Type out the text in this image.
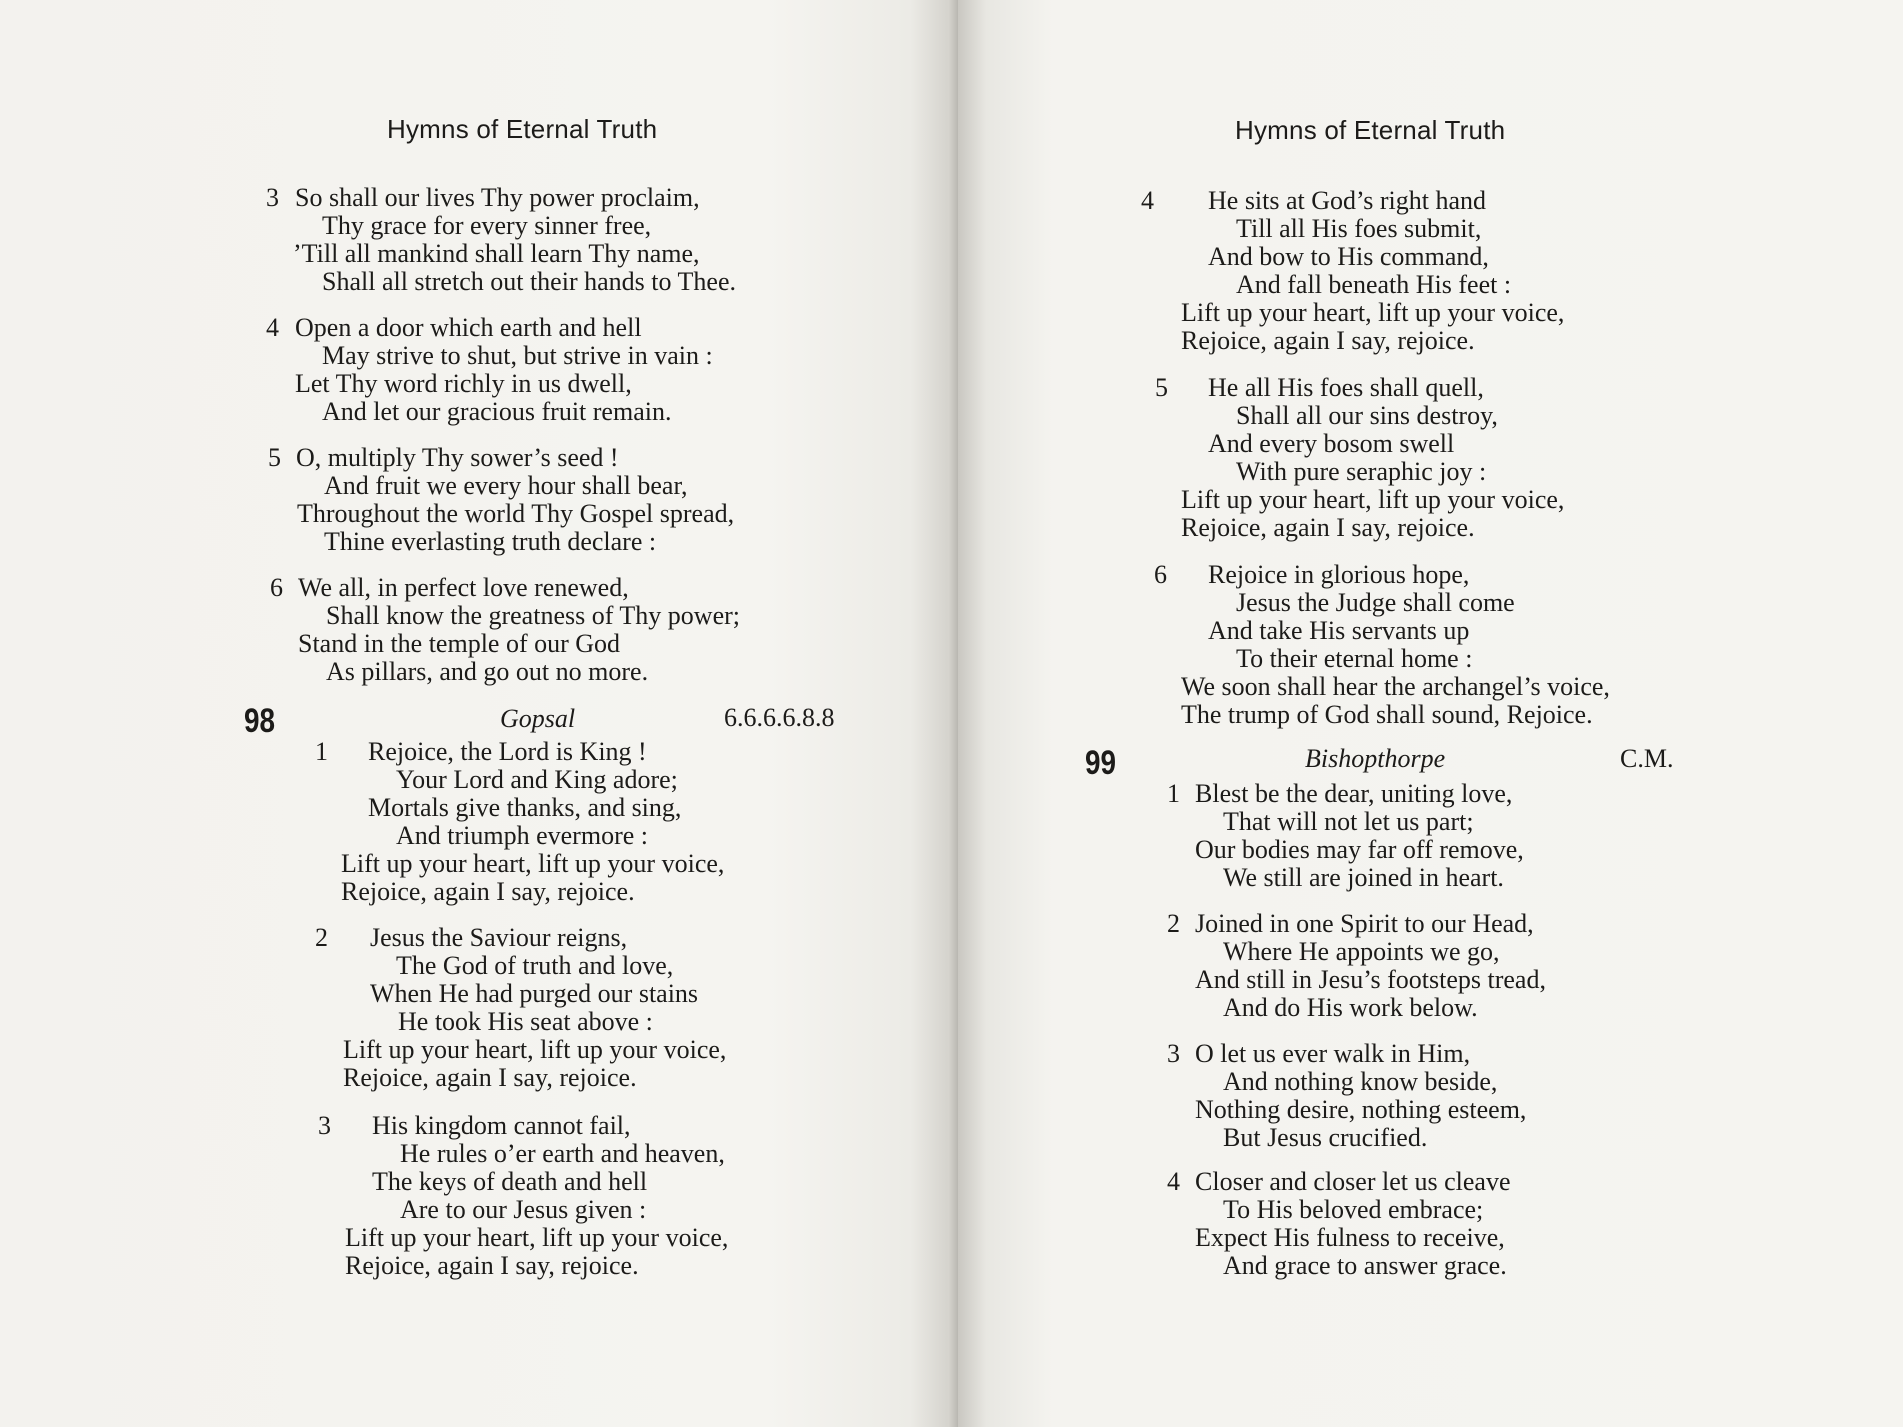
Hymns of Eternal Truth
3 So shall our lives Thy power proclaim,
Thy grace for every sinner free,
’Till all mankind shall learn Thy name,
Shall all stretch out their hands to Thee.
4 Open a door which earth and hell
May strive to shut, but strive in vain :
Let Thy word richly in us dwell,
And let our gracious fruit remain.
5 O, multiply Thy sower’s seed !
And fruit we every hour shall bear,
Throughout the world Thy Gospel spread,
Thine everlasting truth declare :
6 We all, in perfect love renewed,
Shall know the greatness of Thy power;
Stand in the temple of our God
As pillars, and go out no more.
98	Gopsal	6.6.6.6.8.8
1 Rejoice, the Lord is King !
Your Lord and King adore;
Mortals give thanks, and sing,
And triumph evermore :
Lift up your heart, lift up your voice,
Rejoice, again I say, rejoice.
2 Jesus the Saviour reigns,
The God of truth and love,
When He had purged our stains
He took His seat above :
Lift up your heart, lift up your voice,
Rejoice, again I say, rejoice.
3 His kingdom cannot fail,
He rules o’er earth and heaven,
The keys of death and hell
Are to our Jesus given :
Lift up your heart, lift up your voice,
Rejoice, again I say, rejoice.
Hymns of Eternal Truth
4 He sits at God’s right hand
Till all His foes submit,
And bow to His command,
And fall beneath His feet :
Lift up your heart, lift up your voice,
Rejoice, again I say, rejoice.
5 He all His foes shall quell,
Shall all our sins destroy,
And every bosom swell
With pure seraphic joy :
Lift up your heart, lift up your voice,
Rejoice, again I say, rejoice.
6 Rejoice in glorious hope,
Jesus the Judge shall come
And take His servants up
To their eternal home :
We soon shall hear the archangel’s voice,
The trump of God shall sound, Rejoice.
99	Bishopthorpe	C.M.
1 Blest be the dear, uniting love,
That will not let us part;
Our bodies may far off remove,
We still are joined in heart.
2 Joined in one Spirit to our Head,
Where He appoints we go,
And still in Jesu’s footsteps tread,
And do His work below.
3 O let us ever walk in Him,
And nothing know beside,
Nothing desire, nothing esteem,
But Jesus crucified.
4 Closer and closer let us cleave
To His beloved embrace;
Expect His fulness to receive,
And grace to answer grace.
